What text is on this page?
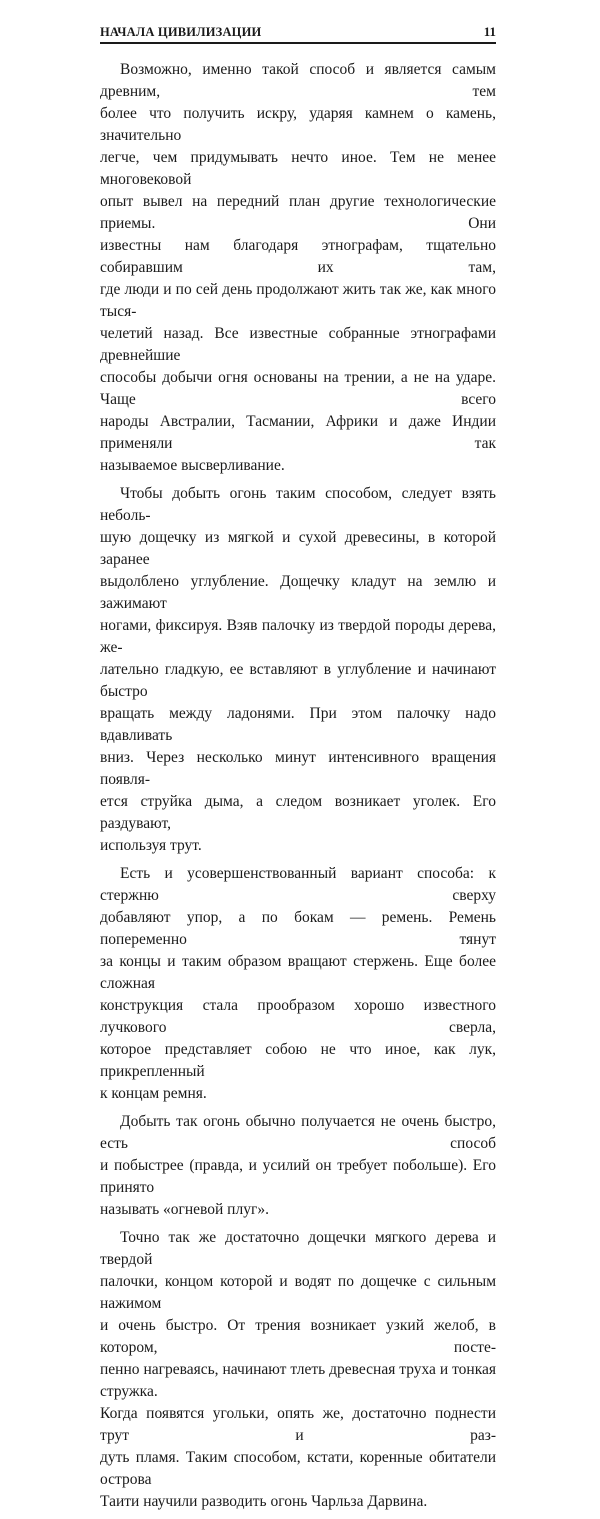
НАЧАЛА ЦИВИЛИЗАЦИИ	11
Возможно, именно такой способ и является самым древним, тем
более что получить искру, ударяя камнем о камень, значительно
легче, чем придумывать нечто иное. Тем не менее многовековой
опыт вывел на передний план другие технологические приемы. Они
известны нам благодаря этнографам, тщательно собиравшим их там,
где люди и по сей день продолжают жить так же, как много тыся-
челетий назад. Все известные собранные этнографами древнейшие
способы добычи огня основаны на трении, а не на ударе. Чаще всего
народы Австралии, Тасмании, Африки и даже Индии применяли так
называемое высверливание.
Чтобы добыть огонь таким способом, следует взять неболь-
шую дощечку из мягкой и сухой древесины, в которой заранее
выдолблено углубление. Дощечку кладут на землю и зажимают
ногами, фиксируя. Взяв палочку из твердой породы дерева, же-
лательно гладкую, ее вставляют в углубление и начинают быстро
вращать между ладонями. При этом палочку надо вдавливать
вниз. Через несколько минут интенсивного вращения появля-
ется струйка дыма, а следом возникает уголек. Его раздувают,
используя трут.
Есть и усовершенствованный вариант способа: к стержню сверху
добавляют упор, а по бокам — ремень. Ремень попеременно тянут
за концы и таким образом вращают стержень. Еще более сложная
конструкция стала прообразом хорошо известного лучкового сверла,
которое представляет собою не что иное, как лук, прикрепленный
к концам ремня.
Добыть так огонь обычно получается не очень быстро, есть способ
и побыстрее (правда, и усилий он требует побольше). Его принято
называть «огневой плуг».
Точно так же достаточно дощечки мягкого дерева и твердой
палочки, концом которой и водят по дощечке с сильным нажимом
и очень быстро. От трения возникает узкий желоб, в котором, посте-
пенно нагреваясь, начинают тлеть древесная труха и тонкая стружка.
Когда появятся угольки, опять же, достаточно поднести трут и раз-
дуть пламя. Таким способом, кстати, коренные обитатели острова
Таити научили разводить огонь Чарльза Дарвина.
